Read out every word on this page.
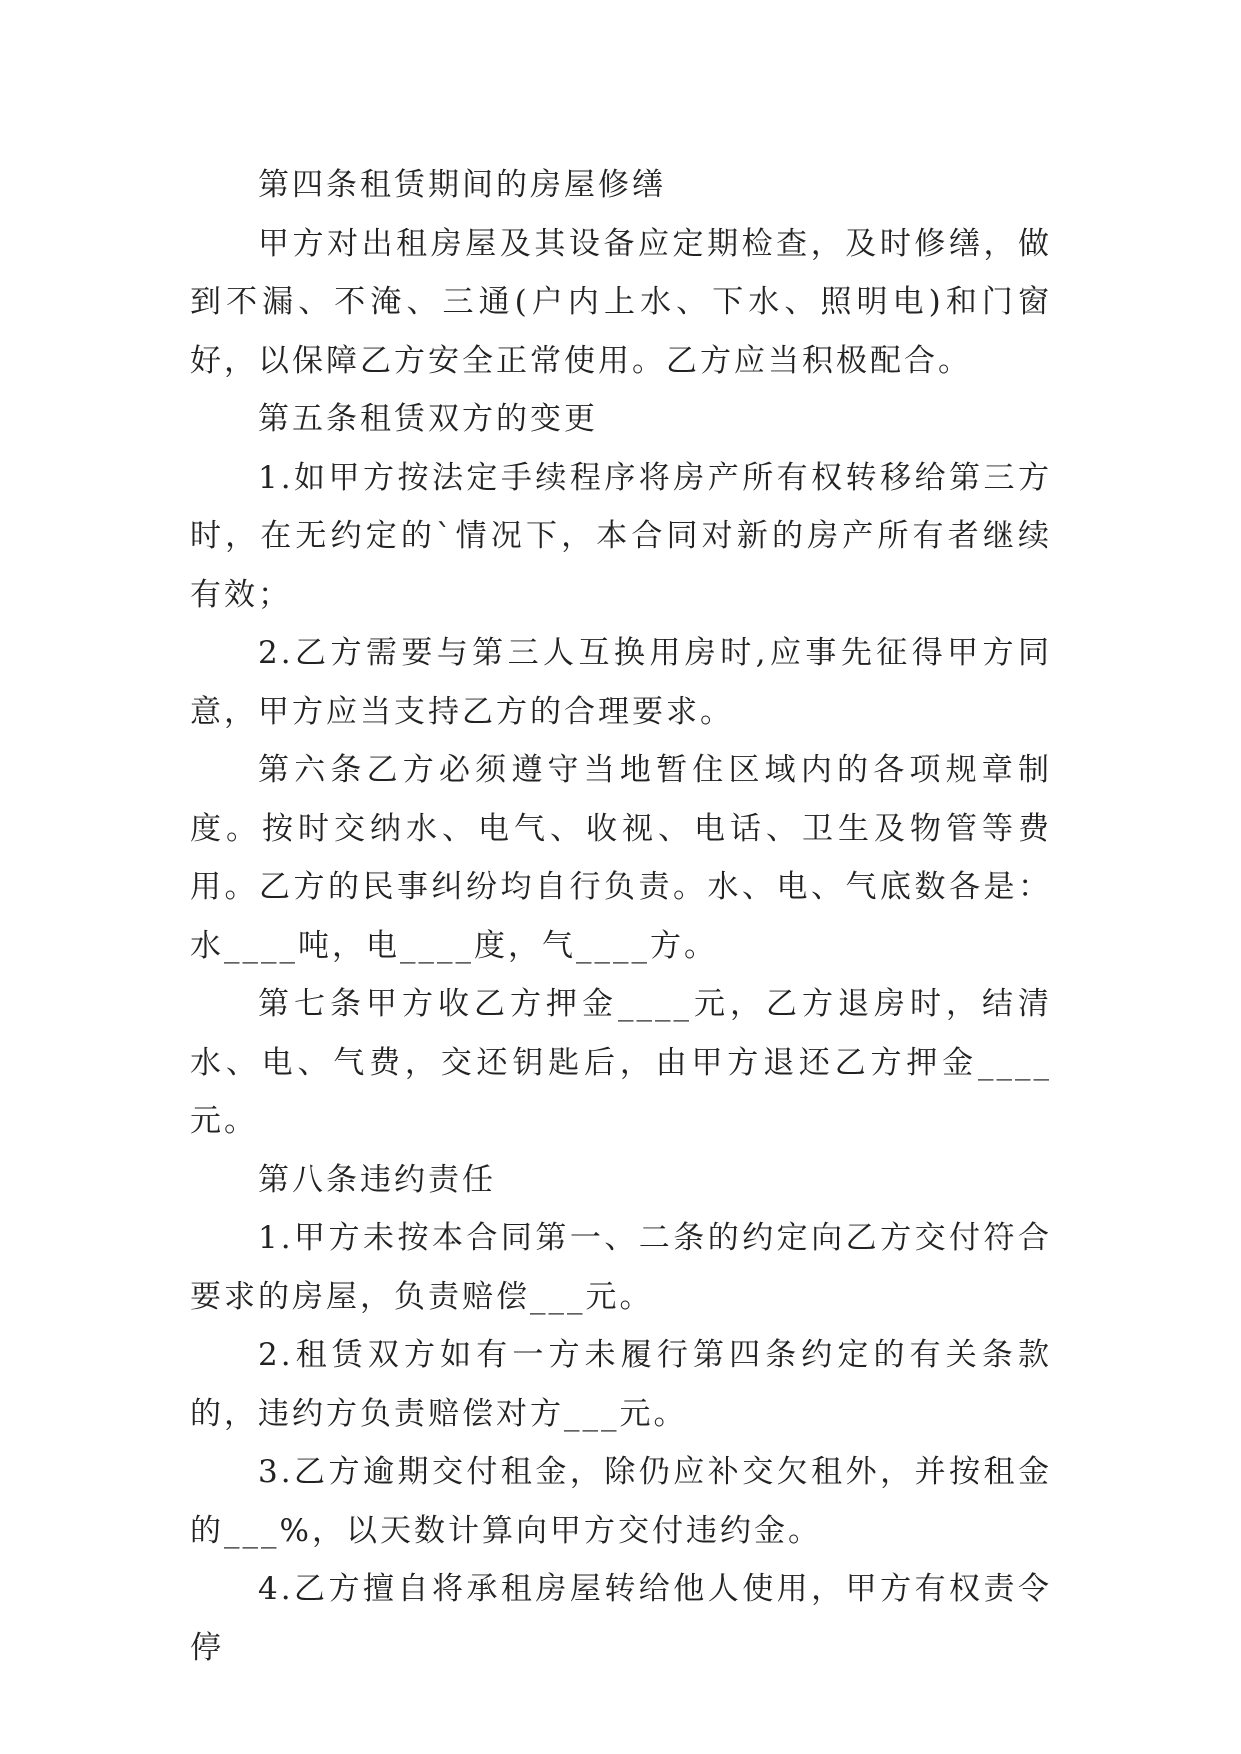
第四条租赁期间的房屋修缮

甲方对出租房屋及其设备应定期检查，及时修缮，做到不漏、不淹、三通(户内上水、下水、照明电)和门窗好，以保障乙方安全正常使用。乙方应当积极配合。

第五条租赁双方的变更

1.如甲方按法定手续程序将房产所有权转移给第三方时，在无约定的`情况下，本合同对新的房产所有者继续有效；

2.乙方需要与第三人互换用房时,应事先征得甲方同意，甲方应当支持乙方的合理要求。

第六条乙方必须遵守当地暂住区域内的各项规章制度。按时交纳水、电气、收视、电话、卫生及物管等费用。乙方的民事纠纷均自行负责。水、电、气底数各是：水____吨，电____度，气____方。

第七条甲方收乙方押金____元，乙方退房时，结清水、电、气费，交还钥匙后，由甲方退还乙方押金____元。

第八条违约责任

1.甲方未按本合同第一、二条的约定向乙方交付符合要求的房屋，负责赔偿___元。

2.租赁双方如有一方未履行第四条约定的有关条款的，违约方负责赔偿对方___元。

3.乙方逾期交付租金，除仍应补交欠租外，并按租金的___%，以天数计算向甲方交付违约金。

4.乙方擅自将承租房屋转给他人使用，甲方有权责令停
